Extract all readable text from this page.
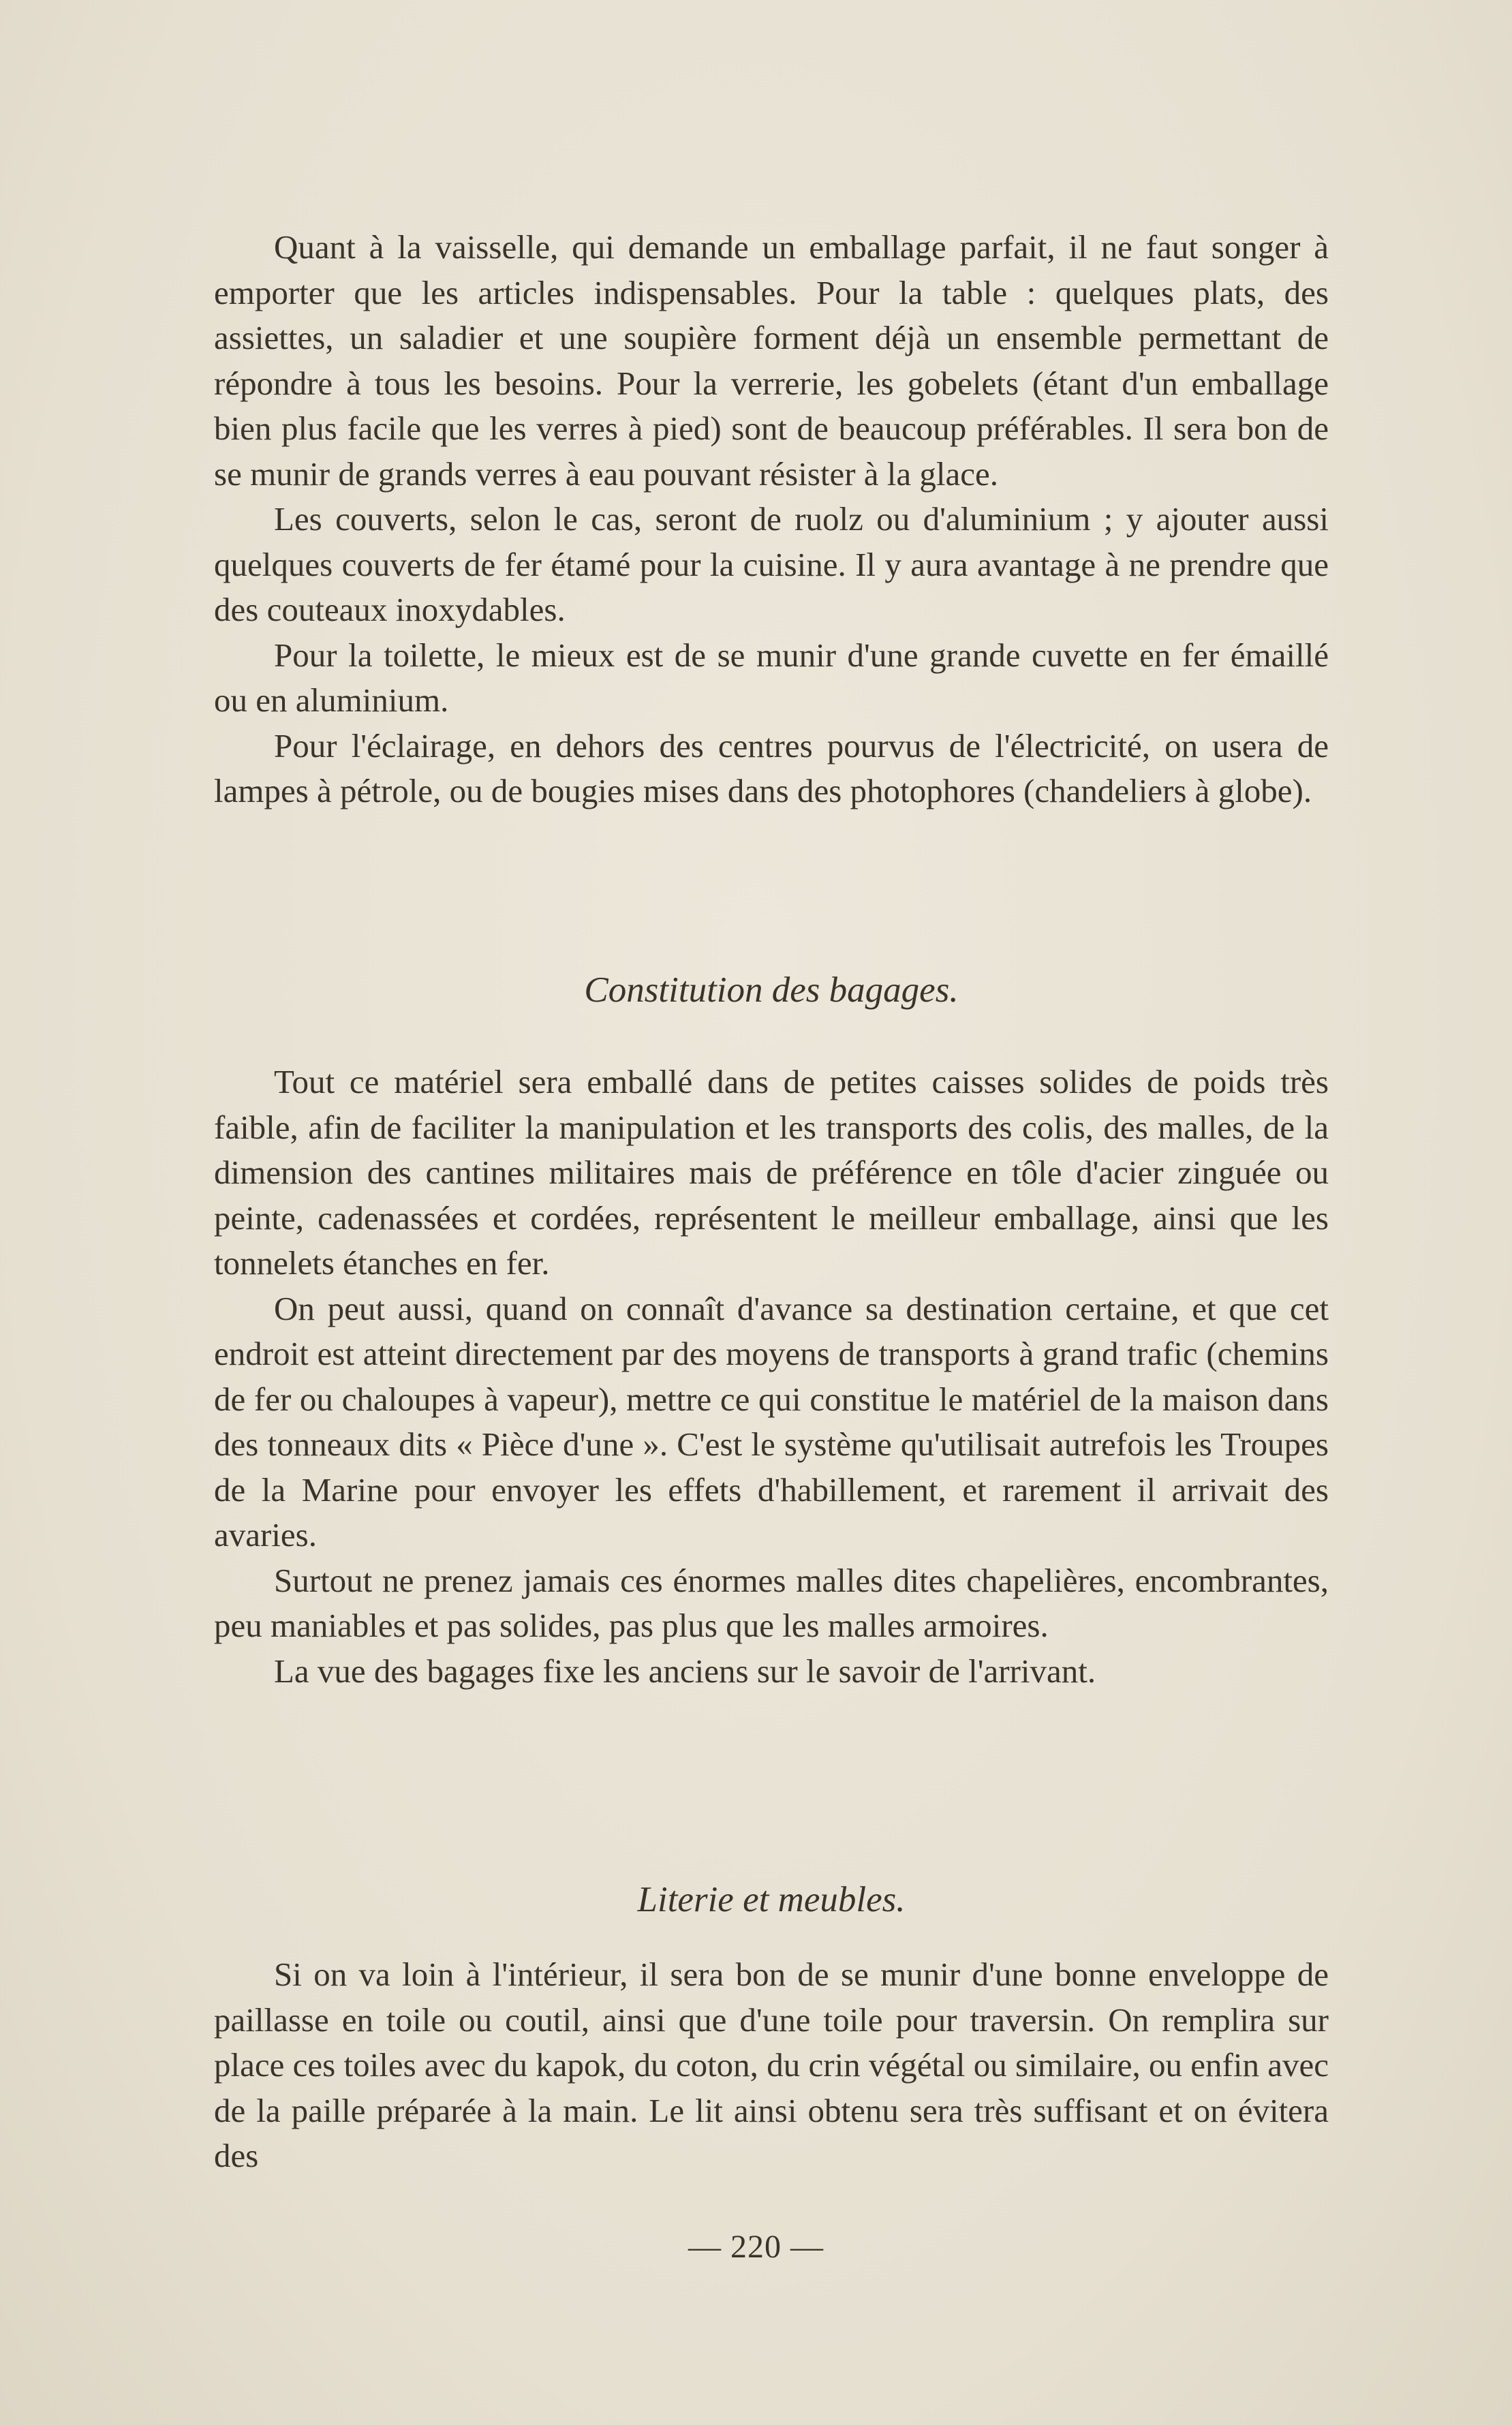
Quant à la vaisselle, qui demande un emballage parfait, il ne faut songer à emporter que les articles indispensables. Pour la table : quelques plats, des assiettes, un saladier et une soupière forment déjà un ensemble permettant de répondre à tous les besoins. Pour la verrerie, les gobelets (étant d'un emballage bien plus facile que les verres à pied) sont de beaucoup préférables. Il sera bon de se munir de grands verres à eau pouvant résister à la glace.

Les couverts, selon le cas, seront de ruolz ou d'aluminium ; y ajouter aussi quelques couverts de fer étamé pour la cuisine. Il y aura avantage à ne prendre que des couteaux inoxydables.

Pour la toilette, le mieux est de se munir d'une grande cuvette en fer émaillé ou en aluminium.

Pour l'éclairage, en dehors des centres pourvus de l'électricité, on usera de lampes à pétrole, ou de bougies mises dans des photophores (chandeliers à globe).

Constitution des bagages.

Tout ce matériel sera emballé dans de petites caisses solides de poids très faible, afin de faciliter la manipulation et les transports des colis, des malles, de la dimension des cantines militaires mais de préférence en tôle d'acier zinguée ou peinte, cadenassées et cordées, représentent le meilleur emballage, ainsi que les tonnelets étanches en fer.

On peut aussi, quand on connaît d'avance sa destination certaine, et que cet endroit est atteint directement par des moyens de transports à grand trafic (chemins de fer ou chaloupes à vapeur), mettre ce qui constitue le matériel de la maison dans des tonneaux dits « Pièce d'une ». C'est le système qu'utilisait autrefois les Troupes de la Marine pour envoyer les effets d'habillement, et rarement il arrivait des avaries.

Surtout ne prenez jamais ces énormes malles dites chapelières, encombrantes, peu maniables et pas solides, pas plus que les malles armoires.

La vue des bagages fixe les anciens sur le savoir de l'arrivant.

Literie et meubles.

Si on va loin à l'intérieur, il sera bon de se munir d'une bonne enveloppe de paillasse en toile ou coutil, ainsi que d'une toile pour traversin. On remplira sur place ces toiles avec du kapok, du coton, du crin végétal ou similaire, ou enfin avec de la paille préparée à la main. Le lit ainsi obtenu sera très suffisant et on évitera des

— 220 —
